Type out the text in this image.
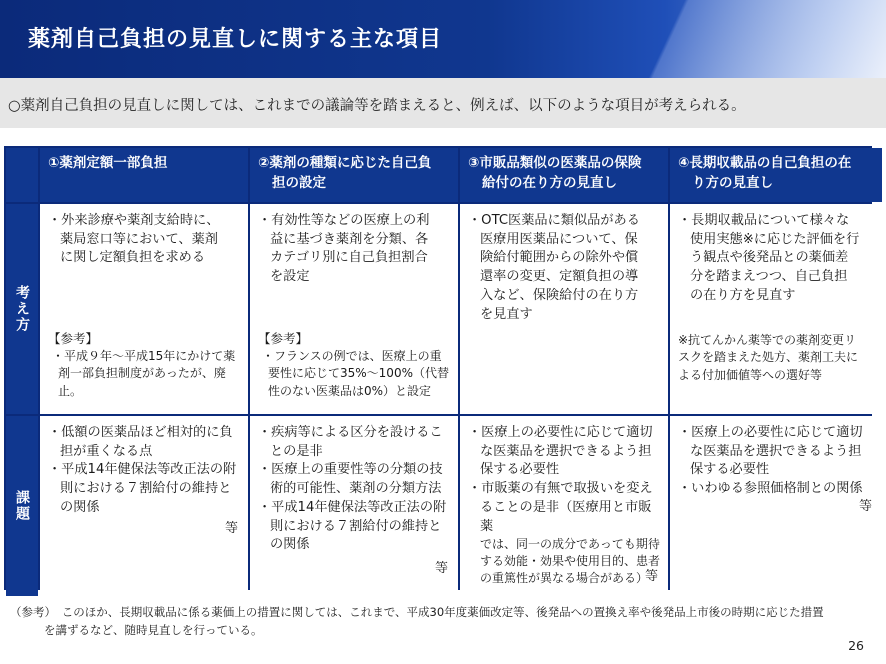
薬剤自己負担の見直しに関する主な項目
○薬剤自己負担の見直しに関しては、これまでの議論等を踏まえると、例えば、以下のような項目が考えられる。
①薬剤定額一部負担	②薬剤の種類に応じた自己負
担の設定
③市販品類似の医薬品の保険
給付の在り方の見直し
④長期収載品の自己負担の在
り方の見直し
考え方
・外来診療や薬剤支給時に、
薬局窓口等において、薬剤
に関し定額負担を求める
【参考】
・平成９年～平成15年にかけて薬
剤一部負担制度があったが、廃
止。
・有効性等などの医療上の利
益に基づき薬剤を分類、各
カテゴリ別に自己負担割合
を設定
【参考】
・フランスの例では、医療上の重
要性に応じて35%～100%（代替
性のない医薬品は0%）と設定
・OTC医薬品に類似品がある
医療用医薬品について、保
険給付範囲からの除外や償
還率の変更、定額負担の導
入など、保険給付の在り方
を見直す
・長期収載品について様々な
使用実態※に応じた評価を行
う観点や後発品との薬価差
分を踏まえつつ、自己負担
の在り方を見直す
※抗てんかん薬等での薬剤変更リ
スクを踏まえた処方、薬剤工夫に
よる付加価値等への選好等
課題
・低額の医薬品ほど相対的に負
担が重くなる点
・平成14年健保法等改正法の附
則における７割給付の維持と
の関係
等
・疾病等による区分を設けるこ
との是非
・医療上の重要性等の分類の技
術的可能性、薬剤の分類方法
・平成14年健保法等改正法の附
則における７割給付の維持と
の関係
等
・医療上の必要性に応じて適切
な医薬品を選択できるよう担
保する必要性
・市販薬の有無で取扱いを変え
ることの是非（医療用と市販薬
では、同一の成分であっても期待
する効能・効果や使用目的、患者
の重篤性が異なる場合がある）
等
・医療上の必要性に応じて適切
な医薬品を選択できるよう担
保する必要性
・いわゆる参照価格制との関係
等
（参考）　このほか、長期収載品に係る薬価上の措置に関しては、これまで、平成30年度薬価改定等、後発品への置換え率や後発品上市後の時期に応じた措置
を講ずるなど、随時見直しを行っている。
26
